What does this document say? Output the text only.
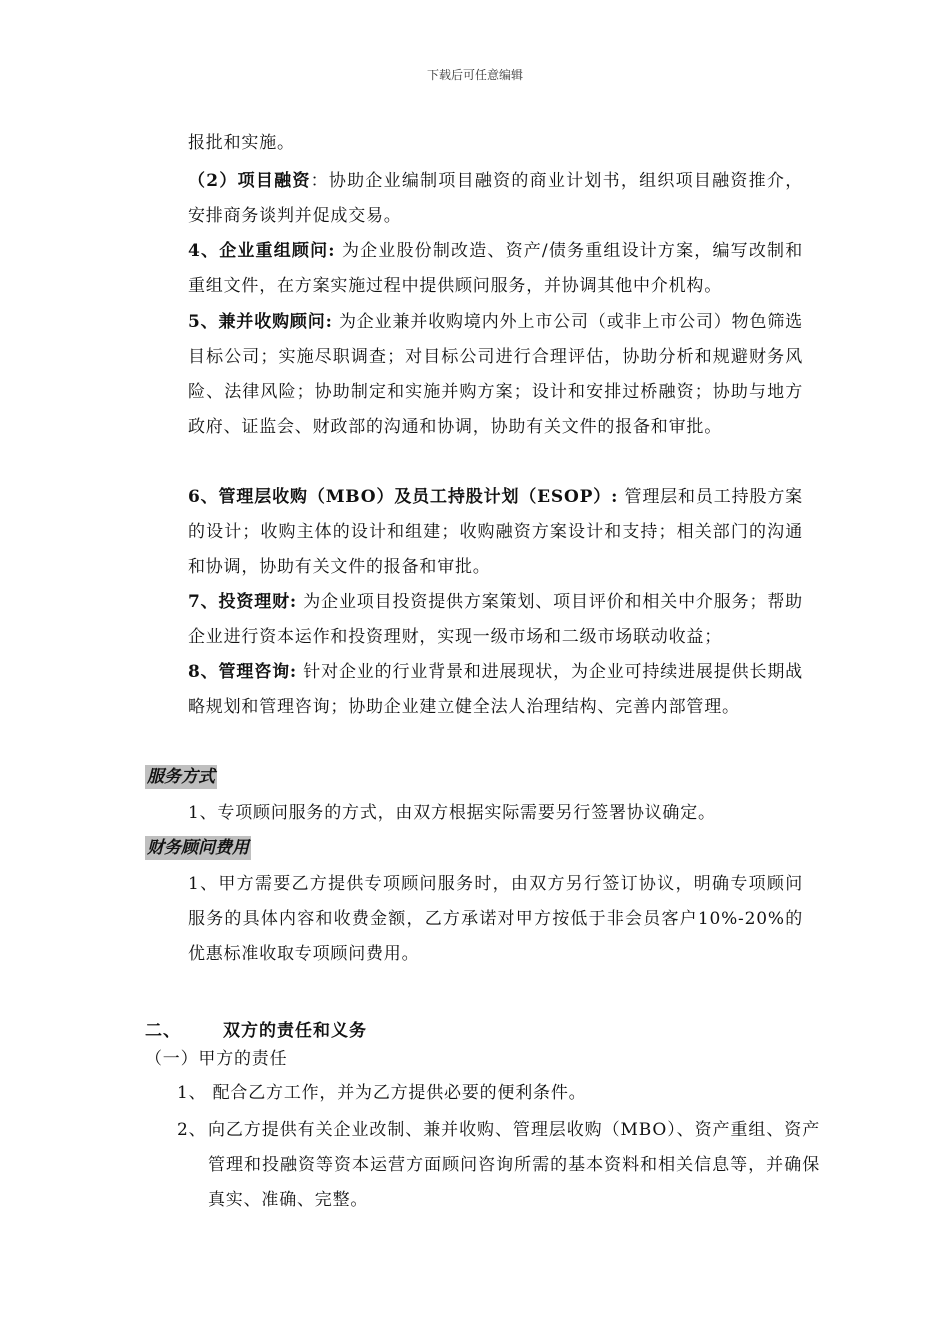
下载后可任意编辑
报批和实施。
（2）项目融资：协助企业编制项目融资的商业计划书，组织项目融资推介，安排商务谈判并促成交易。
4、企业重组顾问: 为企业股份制改造、资产/债务重组设计方案，编写改制和重组文件，在方案实施过程中提供顾问服务，并协调其他中介机构。
5、兼并收购顾问: 为企业兼并收购境内外上市公司（或非上市公司）物色筛选目标公司；实施尽职调查；对目标公司进行合理评估，协助分析和规避财务风险、法律风险；协助制定和实施并购方案；设计和安排过桥融资；协助与地方政府、证监会、财政部的沟通和协调，协助有关文件的报备和审批。
6、管理层收购（MBO）及员工持股计划（ESOP）: 管理层和员工持股方案的设计；收购主体的设计和组建；收购融资方案设计和支持；相关部门的沟通和协调，协助有关文件的报备和审批。
7、投资理财: 为企业项目投资提供方案策划、项目评价和相关中介服务；帮助企业进行资本运作和投资理财，实现一级市场和二级市场联动收益；
8、管理咨询: 针对企业的行业背景和进展现状，为企业可持续进展提供长期战略规划和管理咨询；协助企业建立健全法人治理结构、完善内部管理。
服务方式
1、专项顾问服务的方式，由双方根据实际需要另行签署协议确定。
财务顾问费用
1、甲方需要乙方提供专项顾问服务时，由双方另行签订协议，明确专项顾问服务的具体内容和收费金额，乙方承诺对甲方按低于非会员客户10%-20%的优惠标准收取专项顾问费用。
二、 双方的责任和义务
（一）甲方的责任
1、 配合乙方工作，并为乙方提供必要的便利条件。
2、 向乙方提供有关企业改制、兼并收购、管理层收购（MBO）、资产重组、资产管理和投融资等资本运营方面顾问咨询所需的基本资料和相关信息等，并确保真实、准确、完整。
